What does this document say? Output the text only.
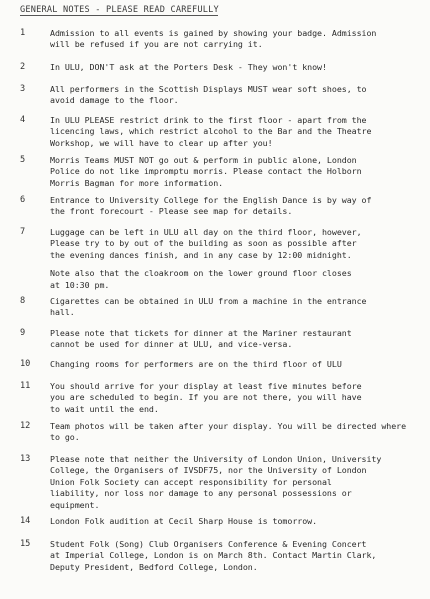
GENERAL NOTES - PLEASE READ CAREFULLY
1	Admission to all events is gained by showing your badge. Admission
will be refused if you are not carrying it.
2	In ULU, DON'T ask at the Porters Desk - They won't know!
3	All performers in the Scottish Displays MUST wear soft shoes, to
avoid damage to the floor.
4	In ULU PLEASE restrict drink to the first floor - apart from the
licencing laws, which restrict alcohol to the Bar and the Theatre
Workshop, we will have to clear up after you!
5	Morris Teams MUST NOT go out & perform in public alone, London
Police do not like impromptu morris. Please contact the Holborn
Morris Bagman for more information.
6	Entrance to University College for the English Dance is by way of
the front forecourt - Please see map for details.
7	Luggage can be left in ULU all day on the third floor, however,
Please try to by out of the building as soon as possible after
the evening dances finish, and in any case by 12:00 midnight.
Note also that the cloakroom on the lower ground floor closes
at 10:30 pm.
8	Cigarettes can be obtained in ULU from a machine in the entrance
hall.
9	Please note that tickets for dinner at the Mariner restaurant
cannot be used for dinner at ULU, and vice-versa.
10	Changing rooms for performers are on the third floor of ULU
11	You should arrive for your display at least five minutes before
you are scheduled to begin. If you are not there, you will have
to wait until the end.
12	Team photos will be taken after your display. You will be directed where
to go.
13	Please note that neither the University of London Union, University
College, the Organisers of IVSDF75, nor the University of London
Union Folk Society can accept responsibility for personal
liability, nor loss nor damage to any personal possessions or
equipment.
14	London Folk audition at Cecil Sharp House is tomorrow.
15	Student Folk (Song) Club Organisers Conference & Evening Concert
at Imperial College, London is on March 8th. Contact Martin Clark,
Deputy President, Bedford College, London.
